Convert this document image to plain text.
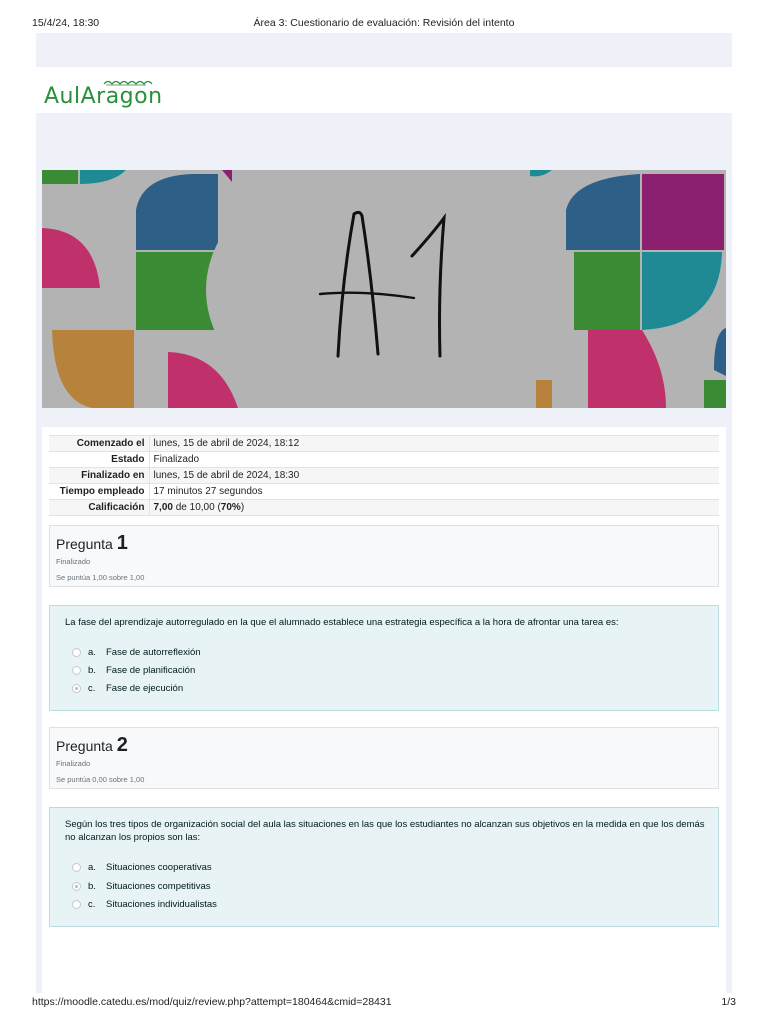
15/4/24, 18:30	Área 3: Cuestionario de evaluación: Revisión del intento
AulAragon
Comenzado el	lunes, 15 de abril de 2024, 18:12
Estado	Finalizado
Finalizado en	lunes, 15 de abril de 2024, 18:30
Tiempo empleado	17 minutos 27 segundos
Calificación	7,00 de 10,00 (70%)
Pregunta 1
Finalizado
Se puntúa 1,00 sobre 1,00
La fase del aprendizaje autorregulado en la que el alumnado establece una estrategia específica a la hora de afrontar una tarea es:
a. Fase de autorreflexión
b. Fase de planificación
c. Fase de ejecución
Pregunta 2
Finalizado
Se puntúa 0,00 sobre 1,00
Según los tres tipos de organización social del aula las situaciones en las que los estudiantes no alcanzan sus objetivos en la medida en que los demás no alcanzan los propios son las:
a. Situaciones cooperativas
b. Situaciones competitivas
c. Situaciones individualistas
https://moodle.catedu.es/mod/quiz/review.php?attempt=180464&cmid=28431	1/3
